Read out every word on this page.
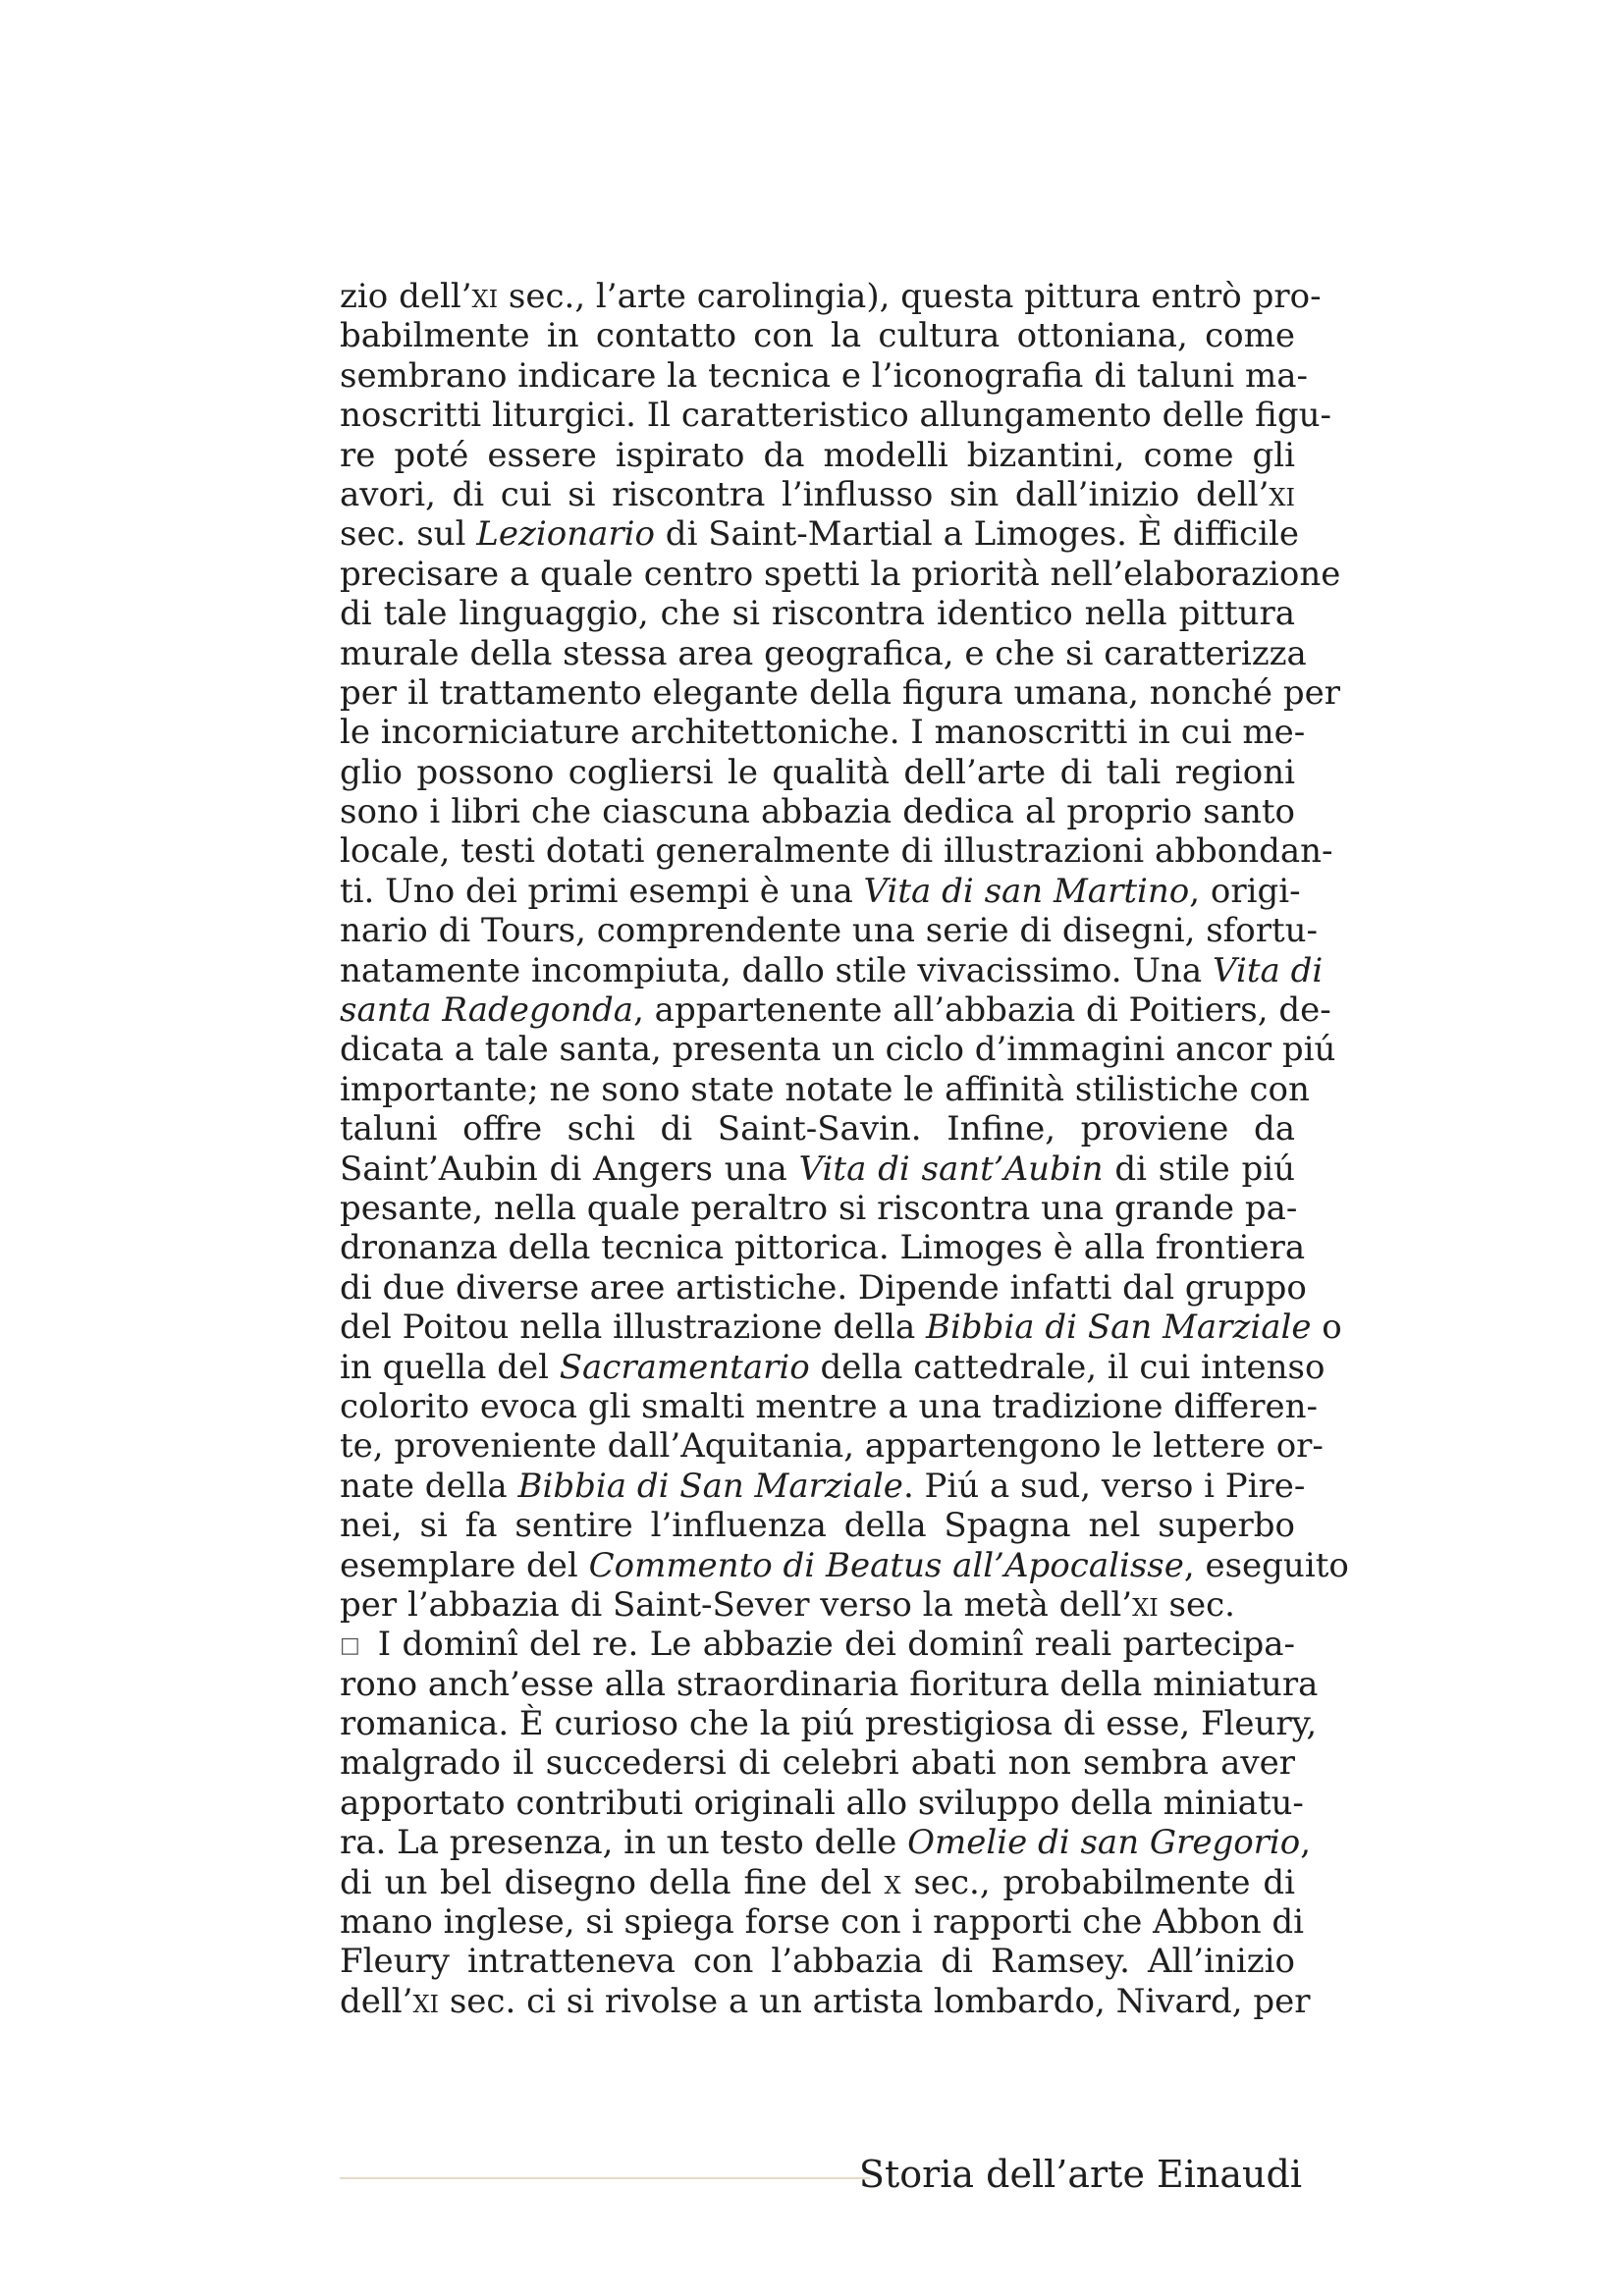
zio dell’xi sec., l’arte carolingia), questa pittura entrò pro-
babilmente in contatto con la cultura ottoniana, come
sembrano indicare la tecnica e l’iconografia di taluni ma-
noscritti liturgici. Il caratteristico allungamento delle figu-
re poté essere ispirato da modelli bizantini, come gli
avori, di cui si riscontra l’influsso sin dall’inizio dell’xi
sec. sul Lezionario di Saint-Martial a Limoges. È difficile
precisare a quale centro spetti la priorità nell’elaborazione
di tale linguaggio, che si riscontra identico nella pittura
murale della stessa area geografica, e che si caratterizza
per il trattamento elegante della figura umana, nonché per
le incorniciature architettoniche. I manoscritti in cui me-
glio possono cogliersi le qualità dell’arte di tali regioni
sono i libri che ciascuna abbazia dedica al proprio santo
locale, testi dotati generalmente di illustrazioni abbondan-
ti. Uno dei primi esempi è una Vita di san Martino, origi-
nario di Tours, comprendente una serie di disegni, sfortu-
natamente incompiuta, dallo stile vivacissimo. Una Vita di
santa Radegonda, appartenente all’abbazia di Poitiers, de-
dicata a tale santa, presenta un ciclo d’immagini ancor piú
importante; ne sono state notate le affinità stilistiche con
taluni offre schi di Saint-Savin. Infine, proviene da
Saint’Aubin di Angers una Vita di sant’Aubin di stile piú
pesante, nella quale peraltro si riscontra una grande pa-
dronanza della tecnica pittorica. Limoges è alla frontiera
di due diverse aree artistiche. Dipende infatti dal gruppo
del Poitou nella illustrazione della Bibbia di San Marziale o
in quella del Sacramentario della cattedrale, il cui intenso
colorito evoca gli smalti mentre a una tradizione differen-
te, proveniente dall’Aquitania, appartengono le lettere or-
nate della Bibbia di San Marziale. Piú a sud, verso i Pire-
nei, si fa sentire l’influenza della Spagna nel superbo
esemplare del Commento di Beatus all’Apocalisse, eseguito
per l’abbazia di Saint-Sever verso la metà dell’xi sec.
□ I dominî del re. Le abbazie dei dominî reali partecipa-
rono anch’esse alla straordinaria fioritura della miniatura
romanica. È curioso che la piú prestigiosa di esse, Fleury,
malgrado il succedersi di celebri abati non sembra aver
apportato contributi originali allo sviluppo della miniatu-
ra. La presenza, in un testo delle Omelie di san Gregorio,
di un bel disegno della fine del x sec., probabilmente di
mano inglese, si spiega forse con i rapporti che Abbon di
Fleury intratteneva con l’abbazia di Ramsey. All’inizio
dell’xi sec. ci si rivolse a un artista lombardo, Nivard, per
Storia dell’arte Einaudi
